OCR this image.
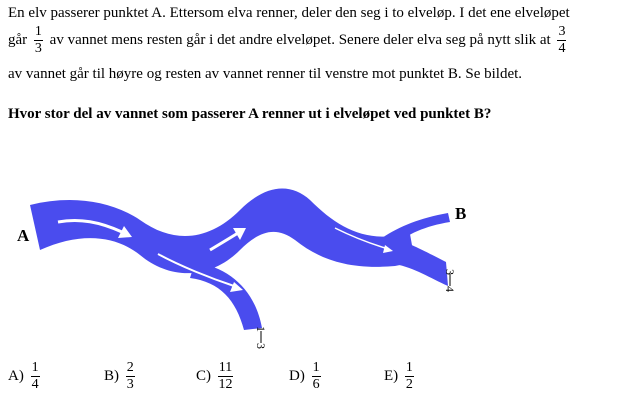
En elv passerer punktet A. Ettersom elva renner, deler den seg i to elveløp. I det ene elveløpet
går $\frac{1}{3}$ av vannet mens resten går i det andre elveløpet. Senere deler elva seg på nytt slik at $\frac{3}{4}$
av vannet går til høyre og resten av vannet renner til venstre mot punktet B. Se bildet.
Hvor stor del av vannet som passerer A renner ut i elveløpet ved punktet B?
A
B
1
3
3
4
$A) \frac{1}{4}$	$B) \frac{2}{3}$	$C) \frac{11}{12}$	$D) \frac{1}{6}$	$E) \frac{1}{2}$
